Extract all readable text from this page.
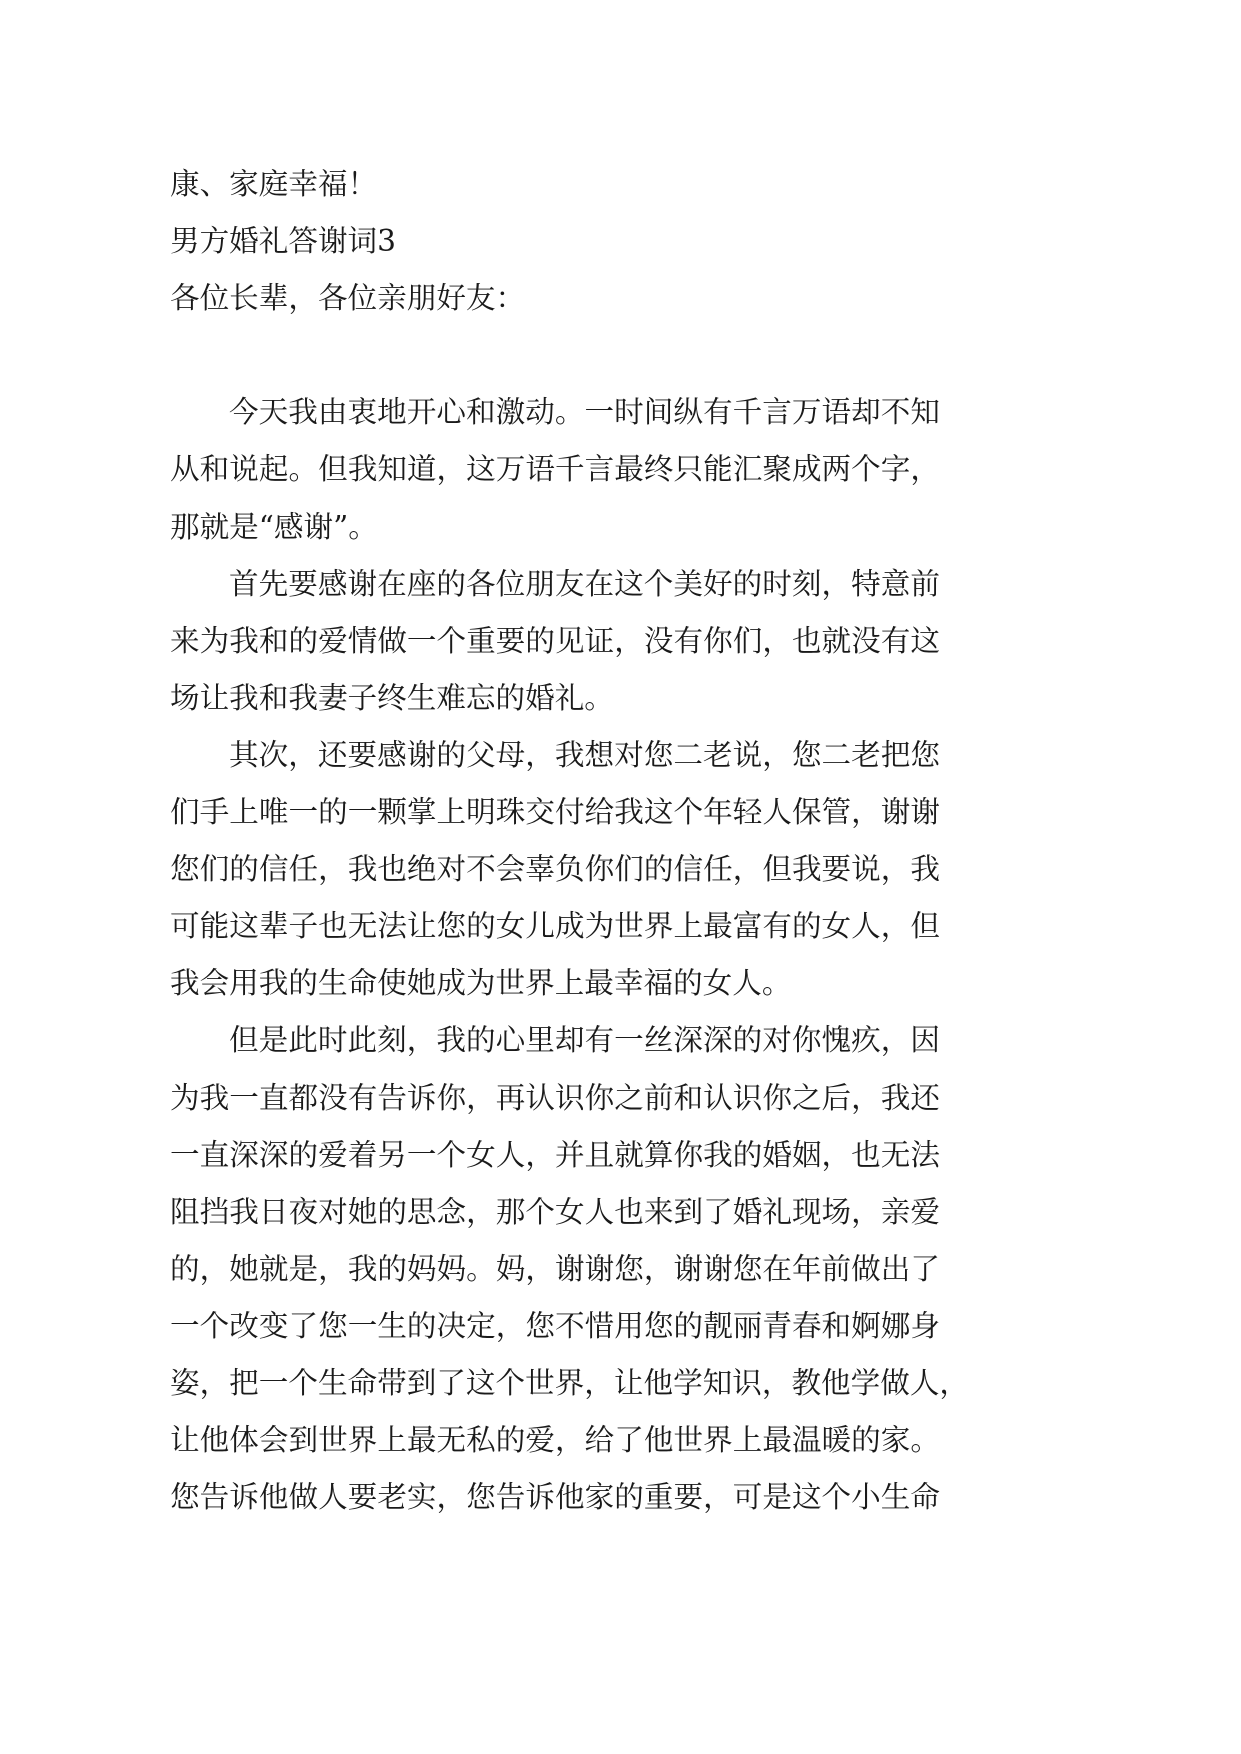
康、家庭幸福！
男方婚礼答谢词3
各位长辈，各位亲朋好友：
今天我由衷地开心和激动。一时间纵有千言万语却不知
从和说起。但我知道，这万语千言最终只能汇聚成两个字，
那就是“感谢”。
首先要感谢在座的各位朋友在这个美好的时刻，特意前
来为我和的爱情做一个重要的见证，没有你们，也就没有这
场让我和我妻子终生难忘的婚礼。
其次，还要感谢的父母，我想对您二老说，您二老把您
们手上唯一的一颗掌上明珠交付给我这个年轻人保管，谢谢
您们的信任，我也绝对不会辜负你们的信任，但我要说，我
可能这辈子也无法让您的女儿成为世界上最富有的女人，但
我会用我的生命使她成为世界上最幸福的女人。
但是此时此刻，我的心里却有一丝深深的对你愧疚，因
为我一直都没有告诉你，再认识你之前和认识你之后，我还
一直深深的爱着另一个女人，并且就算你我的婚姻，也无法
阻挡我日夜对她的思念，那个女人也来到了婚礼现场，亲爱
的，她就是，我的妈妈。妈，谢谢您，谢谢您在年前做出了
一个改变了您一生的决定，您不惜用您的靓丽青春和婀娜身
姿，把一个生命带到了这个世界，让他学知识，教他学做人，
让他体会到世界上最无私的爱，给了他世界上最温暖的家。
您告诉他做人要老实，您告诉他家的重要，可是这个小生命
